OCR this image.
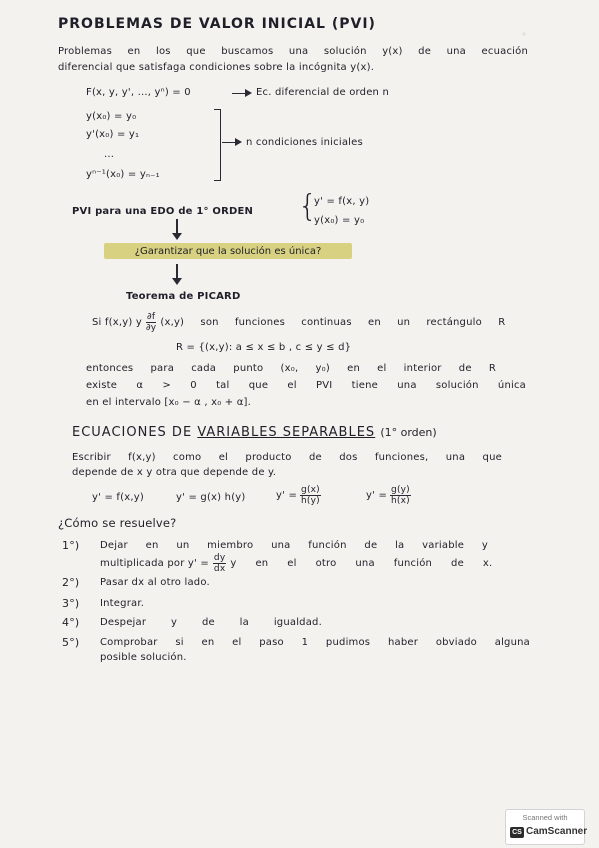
·
PROBLEMAS DE VALOR INICIAL (PVI)
Problemas en los que buscamos una solución y(x) de una ecuación
diferencial que satisfaga condiciones sobre la incógnita y(x).
F(x, y, y', ..., yⁿ) = 0	Ec. diferencial de orden n
y(x₀) = y₀
y'(x₀) = y₁
...
yⁿ⁻¹(x₀) = yₙ₋₁
n condiciones iniciales
PVI para una EDO de 1° ORDEN {
y' = f(x, y)
y(x₀) = y₀
¿Garantizar que la solución es única?
Teorema de PICARD
Si f(x,y) y $\frac{\partial f}{\partial y} (x,y)$ son funciones continuas en un rectángulo R
R = {(x,y): a ≤ x ≤ b , c ≤ y ≤ d}
entonces para cada punto (x₀, y₀) en el interior de R
existe α > 0 tal que el PVI tiene una solución única
en el intervalo [x₀ − α , x₀ + α].
ECUACIONES DE VARIABLES SEPARABLES (1° orden)
Escribir f(x,y) como el producto de dos funciones, una que
depende de x y otra que depende de y.
y' = f(x,y)	y' = g(x) h(y)	$y' = \frac{g(x)}{h(y)}$	$y' = \frac{g(y)}{h(x)}$
¿Cómo se resuelve?
1°) Dejar en un miembro una función de la variable y
multiplicada por $y' = \frac{dy}{dx}$ y en el otro una función de x.
2°) Pasar dx al otro lado.
3°) Integrar.
4°) Despejar y de la igualdad.
5°) Comprobar si en el paso 1 pudimos haber obviado alguna
posible solución.
Scanned with
CS CamScanner
